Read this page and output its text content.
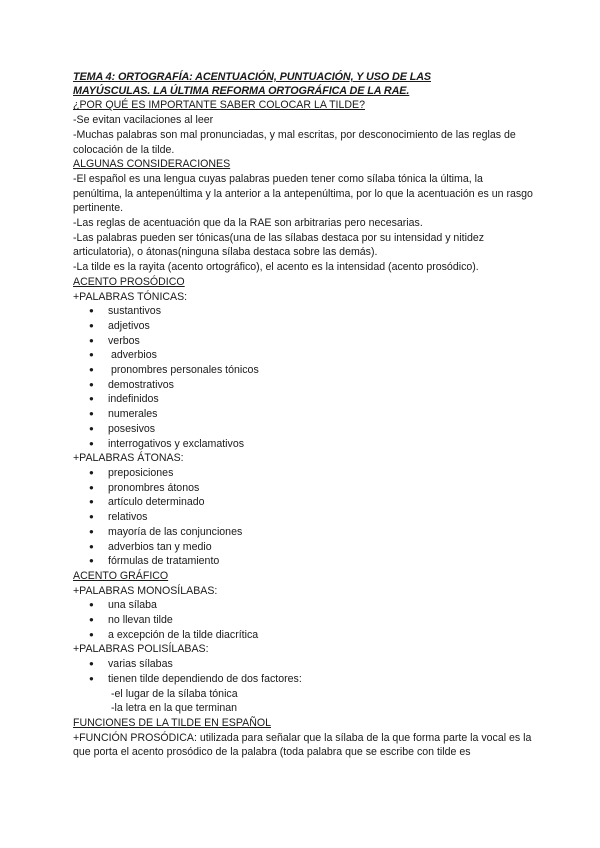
TEMA 4: ORTOGRAFÍA: ACENTUACIÓN, PUNTUACIÓN, Y USO DE LAS
MAYÚSCULAS. LA ÚLTIMA REFORMA ORTOGRÁFICA DE LA RAE.

¿POR QUÉ ES IMPORTANTE SABER COLOCAR LA TILDE?

-Se evitan vacilaciones al leer

-Muchas palabras son mal pronunciadas, y mal escritas, por desconocimiento de las reglas de colocación de la tilde.

ALGUNAS CONSIDERACIONES

-El español es una lengua cuyas palabras pueden tener como sílaba tónica la última, la penúltima, la antepenúltima y la anterior a la antepenúltima, por lo que la acentuación es un rasgo pertinente.

-Las reglas de acentuación que da la RAE son arbitrarias pero necesarias.

-Las palabras pueden ser tónicas(una de las sílabas destaca por su intensidad y nitidez articulatoria), o átonas(ninguna sílaba destaca sobre las demás).

-La tilde es la rayita (acento ortográfico), el acento es la intensidad (acento prosódico).

ACENTO PROSÓDICO

+PALABRAS TÓNICAS:

● sustantivos
● adjetivos
● verbos
● adverbios
● pronombres personales tónicos
● demostrativos
● indefinidos
● numerales
● posesivos
● interrogativos y exclamativos

+PALABRAS ÁTONAS:

● preposiciones
● pronombres átonos
● artículo determinado
● relativos
● mayoría de las conjunciones
● adverbios tan y medio
● fórmulas de tratamiento

ACENTO GRÁFICO

+PALABRAS MONOSÍLABAS:

● una sílaba
● no llevan tilde
● a excepción de la tilde diacrítica

+PALABRAS POLISÍLABAS:

● varias sílabas
● tienen tilde dependiendo de dos factores:
-el lugar de la sílaba tónica
-la letra en la que terminan

FUNCIONES DE LA TILDE EN ESPAÑOL

+FUNCIÓN PROSÓDICA: utilizada para señalar que la sílaba de la que forma parte la vocal es la que porta el acento prosódico de la palabra (toda palabra que se escribe con tilde es
